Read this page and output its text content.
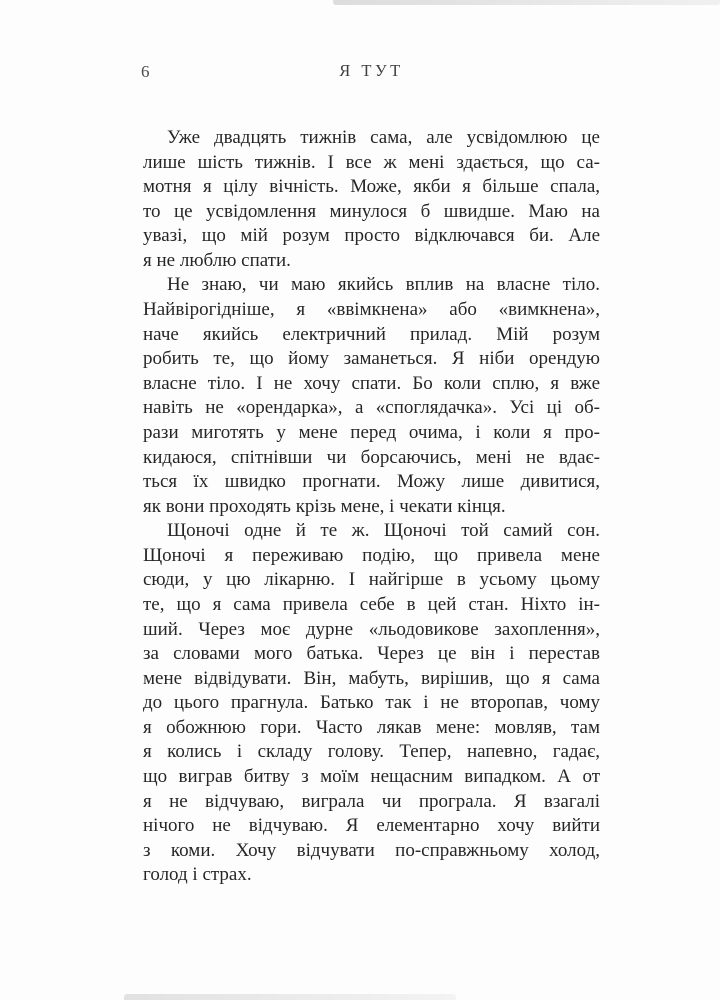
6	Я ТУТ
Уже двадцять тижнів сама, але усвідомлюю це
лише шість тижнів. І все ж мені здається, що са-
мотня я цілу вічність. Може, якби я більше спала,
то це усвідомлення минулося б швидше. Маю на
увазі, що мій розум просто відключався би. Але
я не люблю спати.
Не знаю, чи маю якийсь вплив на власне тіло.
Найвірогідніше, я «ввімкнена» або «вимкнена»,
наче якийсь електричний прилад. Мій розум
робить те, що йому заманеться. Я ніби орендую
власне тіло. І не хочу спати. Бо коли сплю, я вже
навіть не «орендарка», а «споглядачка». Усі ці об-
рази миготять у мене перед очима, і коли я про-
кидаюся, спітнівши чи борсаючись, мені не вдає-
ться їх швидко прогнати. Можу лише дивитися,
як вони проходять крізь мене, і чекати кінця.
Щоночі одне й те ж. Щоночі той самий сон.
Щоночі я переживаю подію, що привела мене
сюди, у цю лікарню. І найгірше в усьому цьому
те, що я сама привела себе в цей стан. Ніхто ін-
ший. Через моє дурне «льодовикове захоплення»,
за словами мого батька. Через це він і перестав
мене відвідувати. Він, мабуть, вирішив, що я сама
до цього прагнула. Батько так і не второпав, чому
я обожнюю гори. Часто лякав мене: мовляв, там
я колись і складу голову. Тепер, напевно, гадає,
що виграв битву з моїм нещасним випадком. А от
я не відчуваю, виграла чи програла. Я взагалі
нічого не відчуваю. Я елементарно хочу вийти
з коми. Хочу відчувати по-справжньому холод,
голод і страх.
